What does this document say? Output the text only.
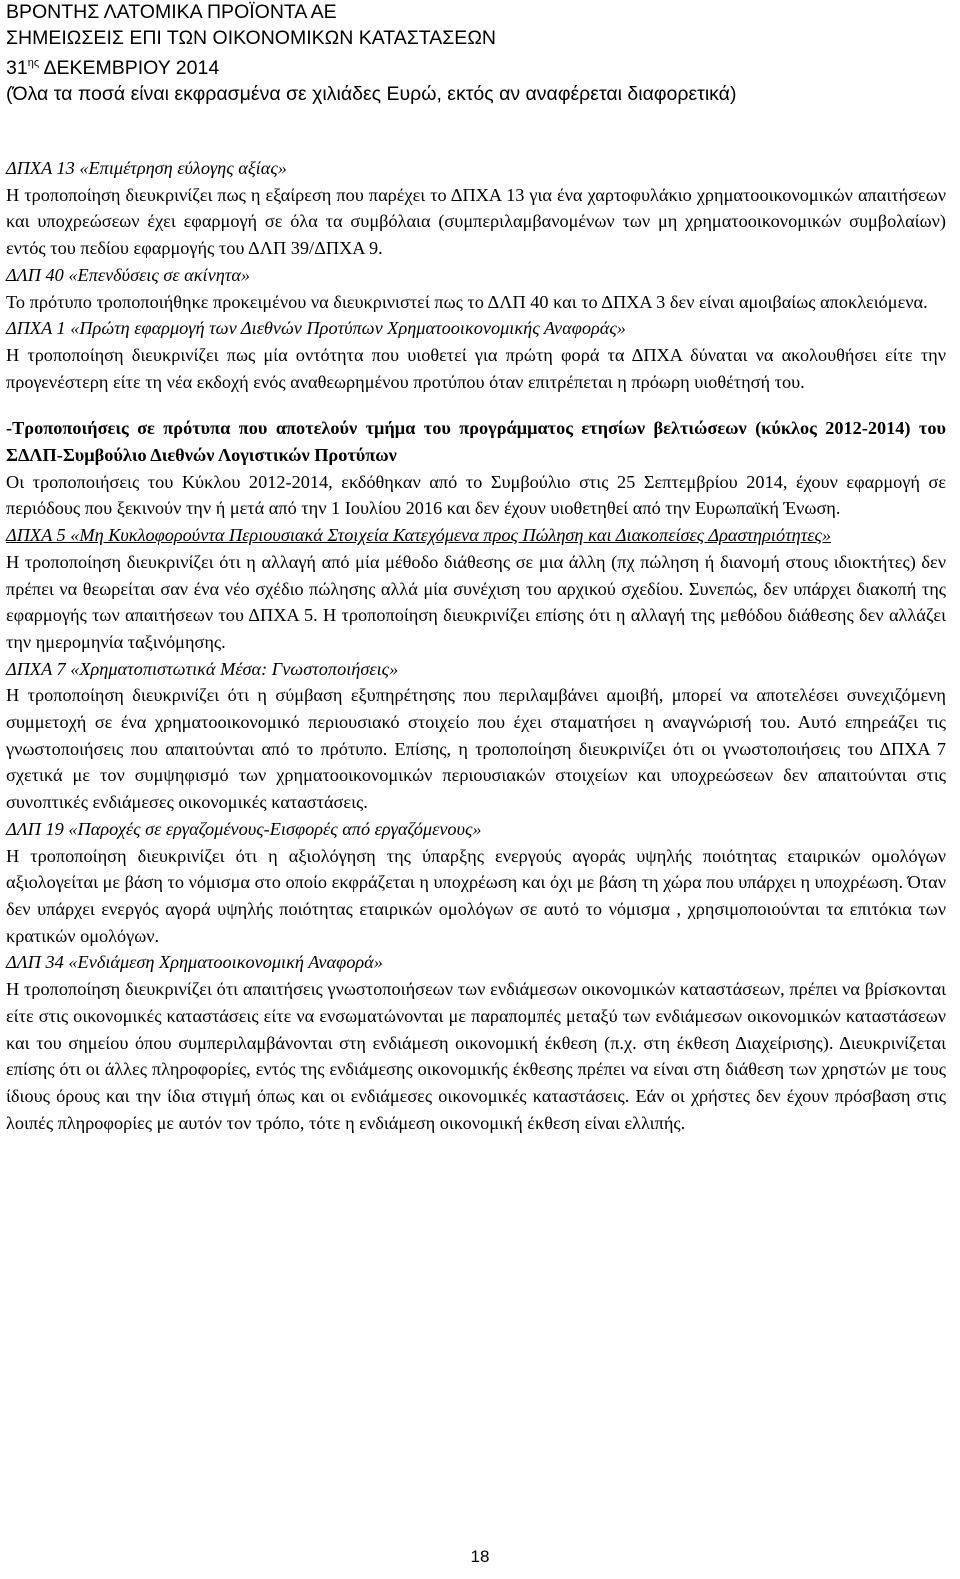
ΒΡΟΝΤΗΣ ΛΑΤΟΜΙΚΑ ΠΡΟΪΟΝΤΑ ΑΕ
ΣΗΜΕΙΩΣΕΙΣ ΕΠΙ ΤΩΝ ΟΙΚΟΝΟΜΙΚΩΝ ΚΑΤΑΣΤΑΣΕΩΝ
$31^{\eta\varsigma}$ ΔΕΚΕΜΒΡΙΟΥ 2014
(Όλα τα ποσά είναι εκφρασμένα σε χιλιάδες Ευρώ, εκτός αν αναφέρεται διαφορετικά)

ΔΠΧΑ 13 «Επιμέτρηση εύλογης αξίας»

Η τροποποίηση διευκρινίζει πως η εξαίρεση που παρέχει το ΔΠΧΑ 13 για ένα χαρτοφυλάκιο χρηματοοικονομικών απαιτήσεων και υποχρεώσεων έχει εφαρμογή σε όλα τα συμβόλαια (συμπεριλαμβανομένων των μη χρηματοοικονομικών συμβολαίων) εντός του πεδίου εφαρμογής του ΔΛΠ 39/ΔΠΧΑ 9.

ΔΛΠ 40 «Επενδύσεις σε ακίνητα»

Το πρότυπο τροποποιήθηκε προκειμένου να διευκρινιστεί πως το ΔΛΠ 40 και το ΔΠΧΑ 3 δεν είναι αμοιβαίως αποκλειόμενα.

ΔΠΧΑ 1 «Πρώτη εφαρμογή των Διεθνών Προτύπων Χρηματοοικονομικής Αναφοράς»

Η τροποποίηση διευκρινίζει πως μία οντότητα που υιοθετεί για πρώτη φορά τα ΔΠΧΑ δύναται να ακολουθήσει είτε την προγενέστερη είτε τη νέα εκδοχή ενός αναθεωρημένου προτύπου όταν επιτρέπεται η πρόωρη υιοθέτησή του.

-Τροποποιήσεις σε πρότυπα που αποτελούν τμήμα του προγράμματος ετησίων βελτιώσεων (κύκλος 2012-2014) του ΣΔΛΠ-Συμβούλιο Διεθνών Λογιστικών Προτύπων

Οι τροποποιήσεις του Κύκλου 2012-2014, εκδόθηκαν από το Συμβούλιο στις 25 Σεπτεμβρίου 2014, έχουν εφαρμογή σε περιόδους που ξεκινούν την ή μετά από την 1 Ιουλίου 2016 και δεν έχουν υιοθετηθεί από την Ευρωπαϊκή Ένωση.

ΔΠΧΑ 5 «Μη Κυκλοφορούντα Περιουσιακά Στοιχεία Κατεχόμενα προς Πώληση και Διακοπείσες Δραστηριότητες»

Η τροποποίηση διευκρινίζει ότι η αλλαγή από μία μέθοδο διάθεσης σε μια άλλη (πχ πώληση ή διανομή στους ιδιοκτήτες) δεν πρέπει να θεωρείται σαν ένα νέο σχέδιο πώλησης αλλά μία συνέχιση του αρχικού σχεδίου. Συνεπώς, δεν υπάρχει διακοπή της εφαρμογής των απαιτήσεων του ΔΠΧΑ 5. Η τροποποίηση διευκρινίζει επίσης ότι η αλλαγή της μεθόδου διάθεσης δεν αλλάζει την ημερομηνία ταξινόμησης.

ΔΠΧΑ 7 «Χρηματοπιστωτικά Μέσα: Γνωστοποιήσεις»

Η τροποποίηση διευκρινίζει ότι η σύμβαση εξυπηρέτησης που περιλαμβάνει αμοιβή, μπορεί να αποτελέσει συνεχιζόμενη συμμετοχή σε ένα χρηματοοικονομικό περιουσιακό στοιχείο που έχει σταματήσει η αναγνώρισή του. Αυτό επηρεάζει τις γνωστοποιήσεις που απαιτούνται από το πρότυπο. Επίσης, η τροποποίηση διευκρινίζει ότι οι γνωστοποιήσεις του ΔΠΧΑ 7 σχετικά με τον συμψηφισμό των χρηματοοικονομικών περιουσιακών στοιχείων και υποχρεώσεων δεν απαιτούνται στις συνοπτικές ενδιάμεσες οικονομικές καταστάσεις.

ΔΛΠ 19 «Παροχές σε εργαζομένους-Εισφορές από εργαζόμενους»

Η τροποποίηση διευκρινίζει ότι η αξιολόγηση της ύπαρξης ενεργούς αγοράς υψηλής ποιότητας εταιρικών ομολόγων αξιολογείται με βάση το νόμισμα στο οποίο εκφράζεται η υποχρέωση και όχι με βάση τη χώρα που υπάρχει η υποχρέωση. Όταν δεν υπάρχει ενεργός αγορά υψηλής ποιότητας εταιρικών ομολόγων σε αυτό το νόμισμα , χρησιμοποιούνται τα επιτόκια των κρατικών ομολόγων.

ΔΛΠ 34 «Ενδιάμεση Χρηματοοικονομική Αναφορά»

Η τροποποίηση διευκρινίζει ότι απαιτήσεις γνωστοποιήσεων των ενδιάμεσων οικονομικών καταστάσεων, πρέπει να βρίσκονται είτε στις οικονομικές καταστάσεις είτε να ενσωματώνονται με παραπομπές μεταξύ των ενδιάμεσων οικονομικών καταστάσεων και του σημείου όπου συμπεριλαμβάνονται στη ενδιάμεση οικονομική έκθεση (π.χ. στη έκθεση Διαχείρισης). Διευκρινίζεται επίσης ότι οι άλλες πληροφορίες, εντός της ενδιάμεσης οικονομικής έκθεσης πρέπει να είναι στη διάθεση των χρηστών με τους ίδιους όρους και την ίδια στιγμή όπως και οι ενδιάμεσες οικονομικές καταστάσεις. Εάν οι χρήστες δεν έχουν πρόσβαση στις λοιπές πληροφορίες με αυτόν τον τρόπο, τότε η ενδιάμεση οικονομική έκθεση είναι ελλιπής.

18
